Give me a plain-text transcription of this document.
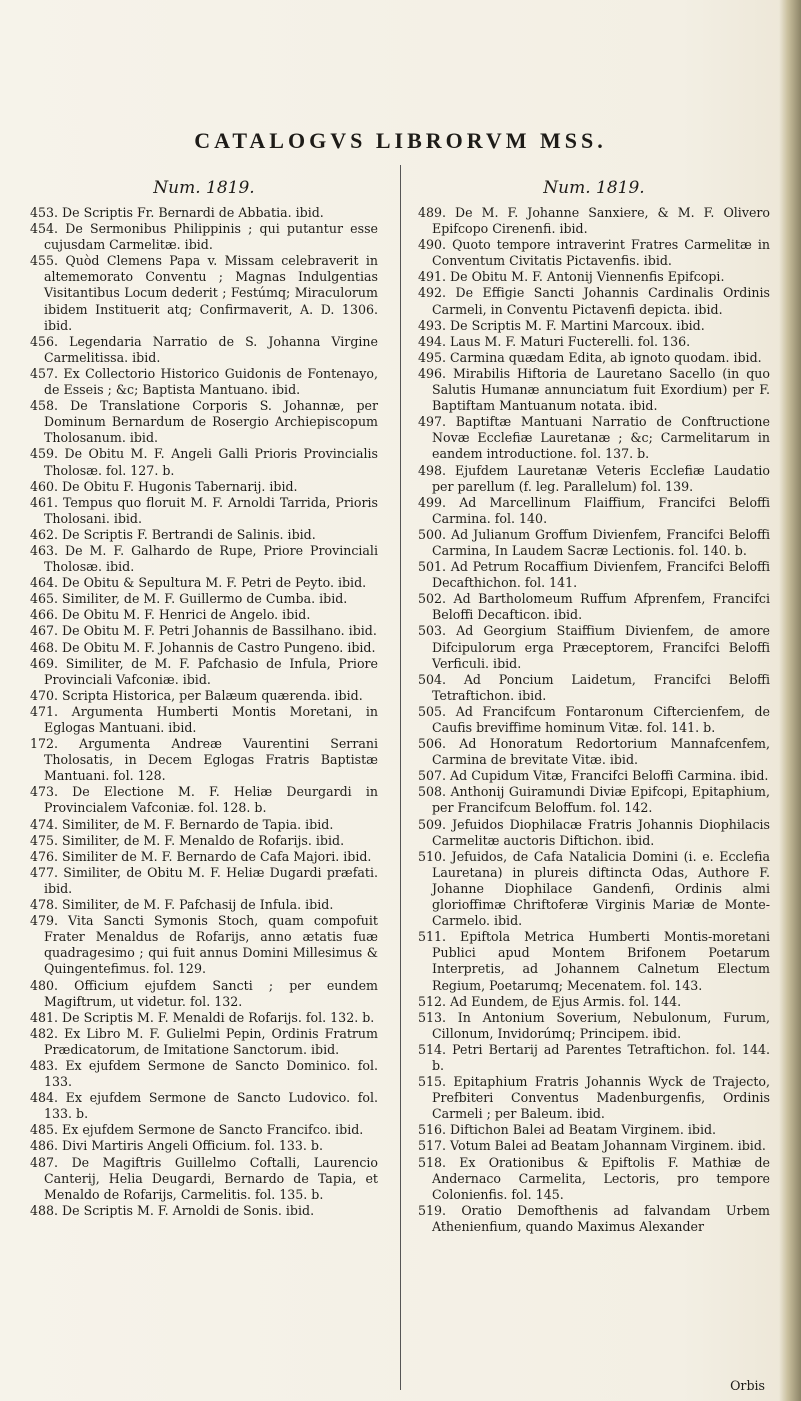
CATALOGVS LIBRORVM MSS.

Num. 1819.

453. De Scriptis Fr. Bernardi de Abbatia. ibid.

454. De Sermonibus Philippinis ; qui putantur esse cujusdam Carmelitæ. ibid.

455. Quòd Clemens Papa v. Missam celebraverit in altememorato Conventu ; Magnas Indulgentias Visitantibus Locum dederit ; Festúmq; Miraculorum ibidem Instituerit atq; Confirmaverit, A. D. 1306. ibid.

456. Legendaria Narratio de S. Johanna Virgine Carmelitissa. ibid.

457. Ex Collectorio Historico Guidonis de Fontenayo, de Esseis ; &c; Baptista Mantuano. ibid.

458. De Translatione Corporis S. Johannæ, per Dominum Bernardum de Rosergio Archiepiscopum Tholosanum. ibid.

459. De Obitu M. F. Angeli Galli Prioris Provincialis Tholosæ. fol. 127. b.

460. De Obitu F. Hugonis Tabernarij. ibid.

461. Tempus quo floruit M. F. Arnoldi Tarrida, Prioris Tholosani. ibid.

462. De Scriptis F. Bertrandi de Salinis. ibid.

463. De M. F. Galhardo de Rupe, Priore Provinciali Tholosæ. ibid.

464. De Obitu & Sepultura M. F. Petri de Peyto. ibid.

465. Similiter, de M. F. Guillermo de Cumba. ibid.

466. De Obitu M. F. Henrici de Angelo. ibid.

467. De Obitu M. F. Petri Johannis de Bassilhano. ibid.

468. De Obitu M. F. Johannis de Castro Pungeno. ibid.

469. Similiter, de M. F. Pafchasio de Infula, Priore Provinciali Vafconiæ. ibid.

470. Scripta Historica, per Balæum quærenda. ibid.

471. Argumenta Humberti Montis Moretani, in Eglogas Mantuani. ibid.

172. Argumenta Andreæ Vaurentini Serrani Tholosatis, in Decem Eglogas Fratris Baptistæ Mantuani. fol. 128.

473. De Electione M. F. Heliæ Deurgardi in Provincialem Vafconiæ. fol. 128. b.

474. Similiter, de M. F. Bernardo de Tapia. ibid.

475. Similiter, de M. F. Menaldo de Rofarijs. ibid.

476. Similiter de M. F. Bernardo de Cafa Majori. ibid.

477. Similiter, de Obitu M. F. Heliæ Dugardi præfati. ibid.

478. Similiter, de M. F. Pafchasij de Infula. ibid.

479. Vita Sancti Symonis Stoch, quam compofuit Frater Menaldus de Rofarijs, anno ætatis fuæ quadragesimo ; qui fuit annus Domini Millesimus & Quingentefimus. fol. 129.

480. Officium ejufdem Sancti ; per eundem Magiftrum, ut videtur. fol. 132.

481. De Scriptis M. F. Menaldi de Rofarijs. fol. 132. b.

482. Ex Libro M. F. Gulielmi Pepin, Ordinis Fratrum Prædicatorum, de Imitatione Sanctorum. ibid.

483. Ex ejufdem Sermone de Sancto Dominico. fol. 133.

484. Ex ejufdem Sermone de Sancto Ludovico. fol. 133. b.

485. Ex ejufdem Sermone de Sancto Francifco. ibid.

486. Divi Martiris Angeli Officium. fol. 133. b.

487. De Magiftris Guillelmo Coftalli, Laurencio Canterij, Helia Deugardi, Bernardo de Tapia, et Menaldo de Rofarijs, Carmelitis. fol. 135. b.

488. De Scriptis M. F. Arnoldi de Sonis. ibid.

Num. 1819.

489. De M. F. Johanne Sanxiere, & M. F. Olivero Epifcopo Cirenenfi. ibid.

490. Quoto tempore intraverint Fratres Carmelitæ in Conventum Civitatis Pictavenfis. ibid.

491. De Obitu M. F. Antonij Viennenfis Epifcopi.

492. De Effigie Sancti Johannis Cardinalis Ordinis Carmeli, in Conventu Pictavenfi depicta. ibid.

493. De Scriptis M. F. Martini Marcoux. ibid.

494. Laus M. F. Maturi Fucterelli. fol. 136.

495. Carmina quædam Edita, ab ignoto quodam. ibid.

496. Mirabilis Hiftoria de Lauretano Sacello (in quo Salutis Humanæ annunciatum fuit Exordium) per F. Baptiftam Mantuanum notata. ibid.

497. Baptiftæ Mantuani Narratio de Conftructione Novæ Ecclefiæ Lauretanæ ; &c; Carmelitarum in eandem introductione. fol. 137. b.

498. Ejufdem Lauretanæ Veteris Ecclefiæ Laudatio per parellum (f. leg. Parallelum) fol. 139.

499. Ad Marcellinum Flaiffium, Francifci Beloffi Carmina. fol. 140.

500. Ad Julianum Groffum Divienfem, Francifci Beloffi Carmina, In Laudem Sacræ Lectionis. fol. 140. b.

501. Ad Petrum Rocaffium Divienfem, Francifci Beloffi Decafthichon. fol. 141.

502. Ad Bartholomeum Ruffum Afprenfem, Francifci Beloffi Decafticon. ibid.

503. Ad Georgium Staiffium Divienfem, de amore Difcipulorum erga Præceptorem, Francifci Beloffi Verficuli. ibid.

504. Ad Poncium Laidetum, Francifci Beloffi Tetraftichon. ibid.

505. Ad Francifcum Fontaronum Ciftercienfem, de Caufis breviffime hominum Vitæ. fol. 141. b.

506. Ad Honoratum Redortorium Mannafcenfem, Carmina de brevitate Vitæ. ibid.

507. Ad Cupidum Vitæ, Francifci Beloffi Carmina. ibid.

508. Anthonij Guiramundi Diviæ Epifcopi, Epitaphium, per Francifcum Beloffum. fol. 142.

509. Jefuidos Diophilacæ Fratris Johannis Diophilacis Carmelitæ auctoris Diftichon. ibid.

510. Jefuidos, de Cafa Natalicia Domini (i. e. Ecclefia Lauretana) in plureis diftincta Odas, Authore F. Johanne Diophilace Gandenfi, Ordinis almi glorioffimæ Chriftoferæ Virginis Mariæ de Monte-Carmelo. ibid.

511. Epiftola Metrica Humberti Montis-moretani Publici apud Montem Brifonem Poetarum Interpretis, ad Johannem Calnetum Electum Regium, Poetarumq; Mecenatem. fol. 143.

512. Ad Eundem, de Ejus Armis. fol. 144.

513. In Antonium Soverium, Nebulonum, Furum, Cillonum, Invidorúmq; Principem. ibid.

514. Petri Bertarij ad Parentes Tetraftichon. fol. 144. b.

515. Epitaphium Fratris Johannis Wyck de Trajecto, Prefbiteri Conventus Madenburgenfis, Ordinis Carmeli ; per Baleum. ibid.

516. Diftichon Balei ad Beatam Virginem. ibid.

517. Votum Balei ad Beatam Johannam Virginem. ibid.

518. Ex Orationibus & Epiftolis F. Mathiæ de Andernaco Carmelita, Lectoris, pro tempore Colonienfis. fol. 145.

519. Oratio Demofthenis ad falvandam Urbem Athenienfium, quando Maximus Alexander

Orbis
